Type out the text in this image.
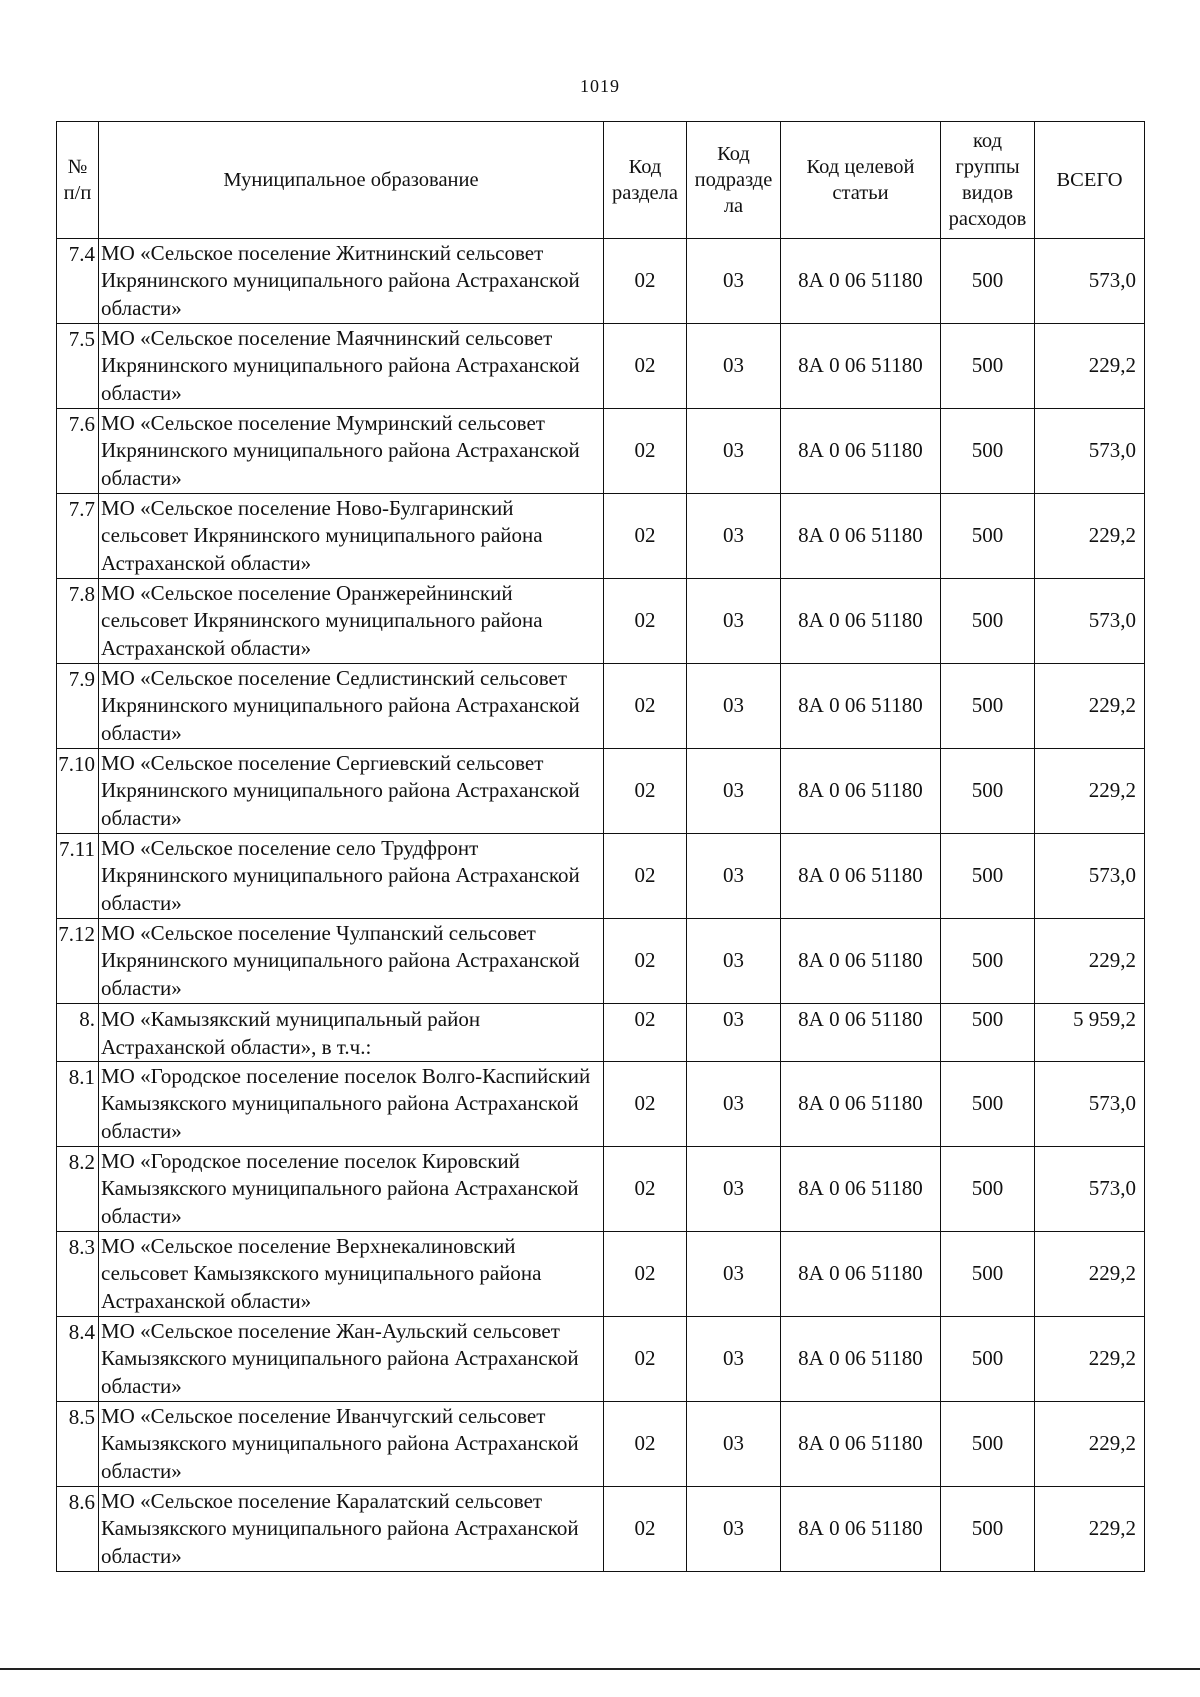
1019
№ п/п	Муниципальное образование	Код раздела	Код подразде ла	Код целевой статьи	код группы видов расходов	ВСЕГО
7.4	МО «Сельское поселение Житнинский сельсовет Икрянинского муниципального района Астраханской области»	02	03	8А 0 06 51180	500	573,0
7.5	МО «Сельское поселение Маячнинский сельсовет Икрянинского муниципального района Астраханской области»	02	03	8А 0 06 51180	500	229,2
7.6	МО «Сельское поселение Мумринский сельсовет Икрянинского муниципального района Астраханской области»	02	03	8А 0 06 51180	500	573,0
7.7	МО «Сельское поселение Ново-Булгаринский сельсовет Икрянинского муниципального района Астраханской области»	02	03	8А 0 06 51180	500	229,2
7.8	МО «Сельское поселение Оранжерейнинский сельсовет Икрянинского муниципального района Астраханской области»	02	03	8А 0 06 51180	500	573,0
7.9	МО «Сельское поселение Седлистинский сельсовет Икрянинского муниципального района Астраханской области»	02	03	8А 0 06 51180	500	229,2
7.10	МО «Сельское поселение Сергиевский сельсовет Икрянинского муниципального района Астраханской области»	02	03	8А 0 06 51180	500	229,2
7.11	МО «Сельское поселение село Трудфронт Икрянинского муниципального района Астраханской области»	02	03	8А 0 06 51180	500	573,0
7.12	МО «Сельское поселение Чулпанский сельсовет Икрянинского муниципального района Астраханской области»	02	03	8А 0 06 51180	500	229,2
8.	МО «Камызякский муниципальный район Астраханской области», в т.ч.:	02	03	8А 0 06 51180	500	5 959,2
8.1	МО «Городское поселение поселок Волго-Каспийский Камызякского муниципального района Астраханской области»	02	03	8А 0 06 51180	500	573,0
8.2	МО «Городское поселение поселок Кировский Камызякского муниципального района Астраханской области»	02	03	8А 0 06 51180	500	573,0
8.3	МО «Сельское поселение Верхнекалиновский сельсовет Камызякского муниципального района Астраханской области»	02	03	8А 0 06 51180	500	229,2
8.4	МО «Сельское поселение Жан-Аульский сельсовет Камызякского муниципального района Астраханской области»	02	03	8А 0 06 51180	500	229,2
8.5	МО «Сельское поселение Иванчугский сельсовет Камызякского муниципального района Астраханской области»	02	03	8А 0 06 51180	500	229,2
8.6	МО «Сельское поселение Каралатский сельсовет Камызякского муниципального района Астраханской области»	02	03	8А 0 06 51180	500	229,2
